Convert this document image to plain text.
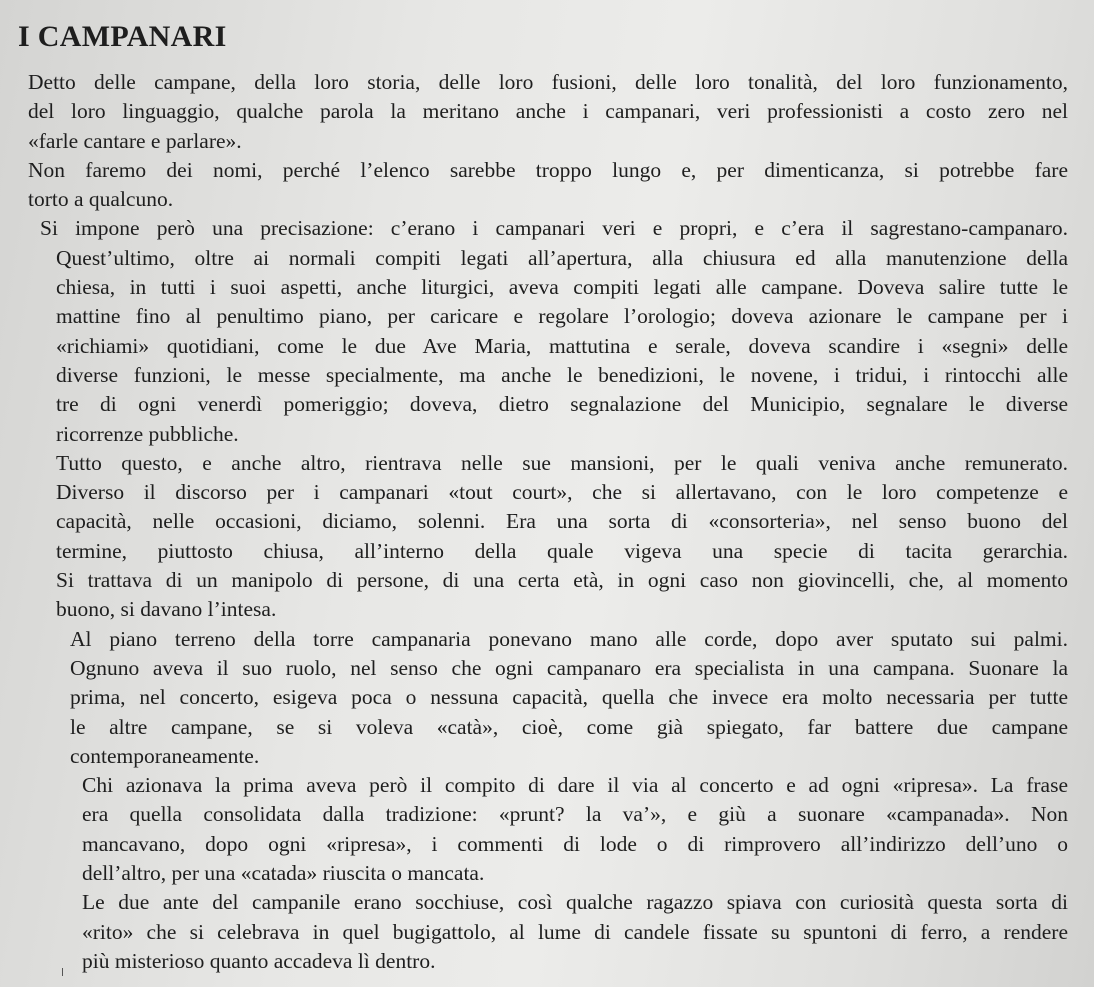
I CAMPANARI
Detto delle campane, della loro storia, delle loro fusioni, delle loro tonalità, del loro funzionamento,
del loro linguaggio, qualche parola la meritano anche i campanari, veri professionisti a costo zero nel
«farle cantare e parlare».
Non faremo dei nomi, perché l’elenco sarebbe troppo lungo e, per dimenticanza, si potrebbe fare
torto a qualcuno.
Si impone però una precisazione: c’erano i campanari veri e propri, e c’era il sagrestano-campanaro.
Quest’ultimo, oltre ai normali compiti legati all’apertura, alla chiusura ed alla manutenzione della
chiesa, in tutti i suoi aspetti, anche liturgici, aveva compiti legati alle campane. Doveva salire tutte le
mattine fino al penultimo piano, per caricare e regolare l’orologio; doveva azionare le campane per i
«richiami» quotidiani, come le due Ave Maria, mattutina e serale, doveva scandire i «segni» delle
diverse funzioni, le messe specialmente, ma anche le benedizioni, le novene, i tridui, i rintocchi alle
tre di ogni venerdì pomeriggio; doveva, dietro segnalazione del Municipio, segnalare le diverse
ricorrenze pubbliche.
Tutto questo, e anche altro, rientrava nelle sue mansioni, per le quali veniva anche remunerato.
Diverso il discorso per i campanari «tout court», che si allertavano, con le loro competenze e
capacità, nelle occasioni, diciamo, solenni. Era una sorta di «consorteria», nel senso buono del
termine, piuttosto chiusa, all’interno della quale vigeva una specie di tacita gerarchia.
Si trattava di un manipolo di persone, di una certa età, in ogni caso non giovincelli, che, al momento
buono, si davano l’intesa.
Al piano terreno della torre campanaria ponevano mano alle corde, dopo aver sputato sui palmi.
Ognuno aveva il suo ruolo, nel senso che ogni campanaro era specialista in una campana. Suonare la
prima, nel concerto, esigeva poca o nessuna capacità, quella che invece era molto necessaria per tutte
le altre campane, se si voleva «catà», cioè, come già spiegato, far battere due campane
contemporaneamente.
Chi azionava la prima aveva però il compito di dare il via al concerto e ad ogni «ripresa». La frase
era quella consolidata dalla tradizione: «prunt? la va’», e giù a suonare «campanada». Non
mancavano, dopo ogni «ripresa», i commenti di lode o di rimprovero all’indirizzo dell’uno o
dell’altro, per una «catada» riuscita o mancata.
Le due ante del campanile erano socchiuse, così qualche ragazzo spiava con curiosità questa sorta di
«rito» che si celebrava in quel bugigattolo, al lume di candele fissate su spuntoni di ferro, a rendere
più misterioso quanto accadeva lì dentro.
